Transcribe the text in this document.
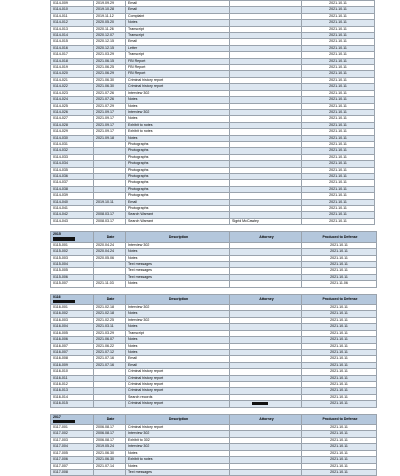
0114-009	2019.09.29	Email		2021.10.11
0114-010	2019.10.28	Email		2021.10.11
0114-011	2019.11.12	Complaint		2021.10.11
0114-012	2020.05.20	Notes		2021.10.11
0114-013	2020.11.26	Transcript		2021.10.11
0114-014	2020.12.07	Transcript		2021.10.11
0114-015	2020.12.15	Email		2021.10.11
0114-016	2020.12.15	Letter		2021.10.11
0114-017	2021.03.29	Transcript		2021.10.11
0114-018	2021.06.15	FBI Report		2021.10.11
0114-019	2021.06.25	FBI Report		2021.10.11
0114-020	2021.06.29	FBI Report		2021.10.11
0114-021	2021.06.30	Criminal history report		2021.10.11
0114-022	2021.06.30	Criminal history report		2021.10.11
0114-023	2021.07.26	Interview 302		2021.10.11
0114-024	2021.07.26	Notes		2021.10.11
0114-025	2021.07.29	Notes		2021.10.11
0114-026	2021.09.17	Interview 302		2021.10.11
0114-027	2021.09.17	Notes		2021.10.11
0114-028	2021.09.17	Exhibit to notes		2021.10.11
0114-029	2021.09.17	Exhibit to notes		2021.10.11
0114-030	2021.09.18	Notes		2021.10.11
0114-031		Photographs		2021.10.11
0114-032		Photographs		2021.10.11
0114-033		Photographs		2021.10.11
0114-034		Photographs		2021.10.11
0114-035		Photographs		2021.10.11
0114-036		Photographs		2021.10.11
0114-037		Photographs		2021.10.11
0114-038		Photographs		2021.10.11
0114-039		Photographs		2021.10.11
0114-040	2019.10.11	Email		2021.10.11
0114-041		Photographs		2021.10.11
0114-042	2008.03.17	Search Warrant		2021.10.11
0114-043	2008.03.17	Search Warrant	Sigrid McCawley	2021.10.11
2015	Date	Description	Attorney	Produced to Defense
0115-001	2020.04.24	Interview 302		2021.10.11
0115-002	2020.04.24	Notes		2021.10.11
0115-003	2020.05.06	Notes		2021.10.11
0115-004		Text messages		2021.10.11
0115-005		Text messages		2021.10.11
0115-006		Text messages		2021.10.11
0115-007	2021.11.03	Notes		2021.11.06
0116	Date	Description	Attorney	Produced to Defense
0116-001	2021.02.18	Interview 302		2021.10.11
0116-002	2021.02.18	Notes		2021.10.11
0116-003	2021.02.25	Interview 302		2021.10.11
0116-004	2021.03.11	Notes		2021.10.11
0116-005	2021.03.29	Transcript		2021.10.11
0116-006	2021.06.07	Notes		2021.10.11
0116-007	2021.06.22	Notes		2021.10.11
0116-007	2021.07.12	Notes		2021.10.11
0116-008	2021.07.16	Email		2021.10.11
0116-009	2021.07.16	Email		2021.10.11
0116-010		Criminal history report		2021.10.11
0116-011		Criminal history report		2021.10.11
0116-012		Criminal history report		2021.10.11
0116-013		Criminal history report		2021.10.11
0116-014		Search records		2021.10.11
0116-015		Criminal history report		2021.10.11
2017	Date	Description	Attorney	Produced to Defense
0117-001	2006.08.17	Criminal history report		2021.10.11
0117-002	2006.08.17	Interview 302		2021.10.11
0117-003	2006.08.17	Exhibit to 302		2021.10.11
0117-004	2019.05.24	Interview 302		2021.10.11
0117-005	2021.06.30	Notes		2021.10.11
0117-006	2021.06.30	Exhibit to notes		2021.10.11
0117-007	2021.07.14	Notes		2021.10.11
0117-008		Text messages		2021.10.11
